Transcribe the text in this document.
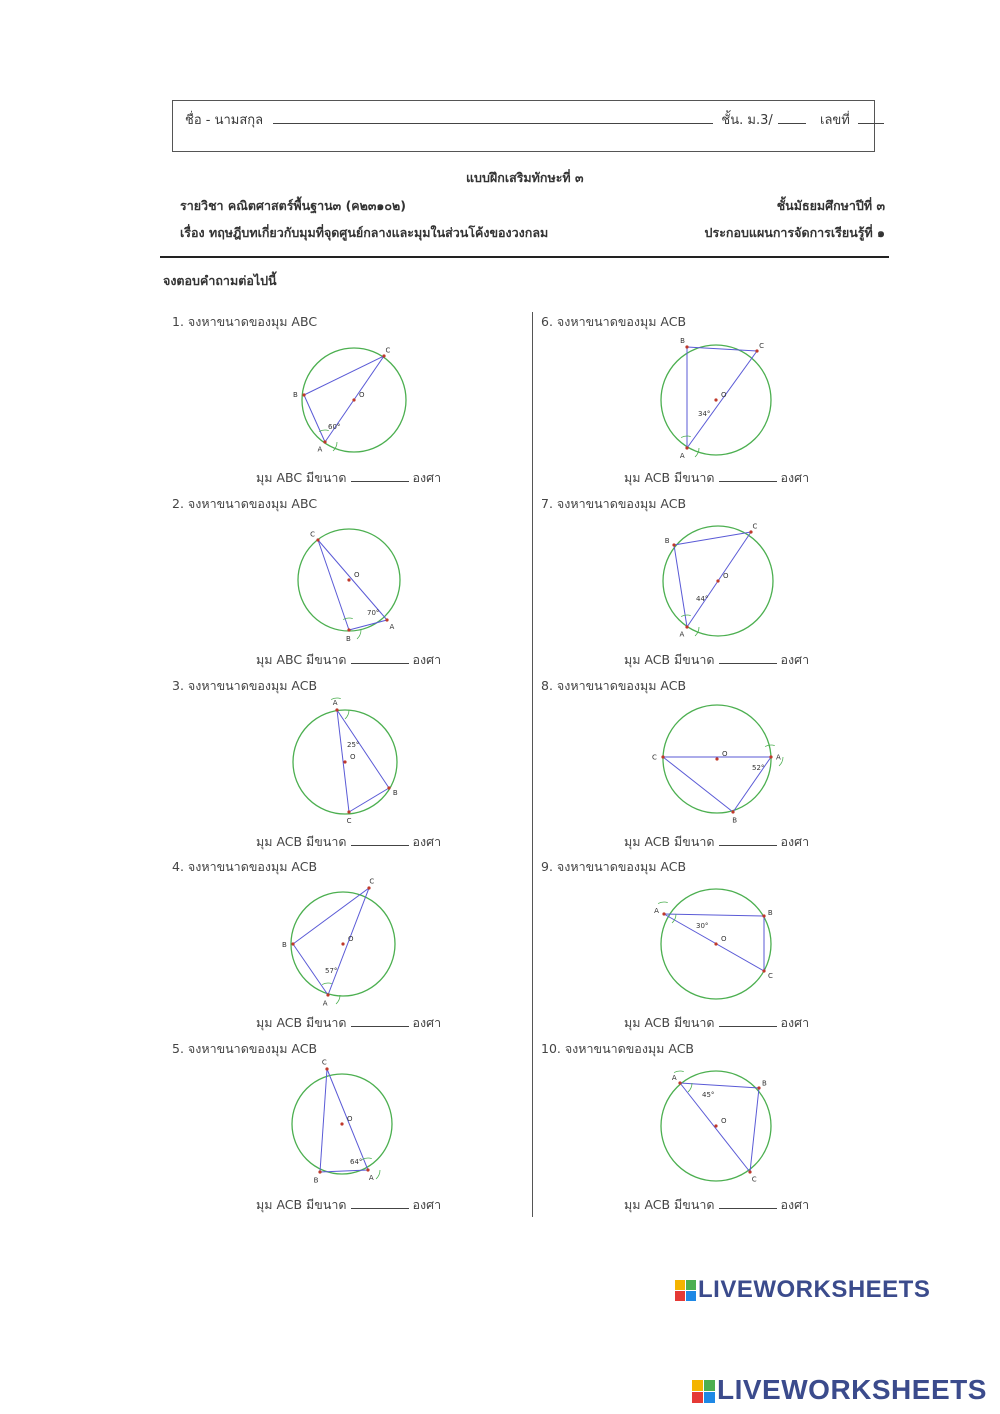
ชื่อ - นามสกุล	ชั้น. ม.3/	เลขที่
แบบฝึกเสริมทักษะที่ ๓
รายวิชา คณิตศาสตร์พื้นฐาน๓ (ค๒๓๑๐๒)	ชั้นมัธยมศึกษาปีที่ ๓
เรื่อง ทฤษฎีบทเกี่ยวกับมุมที่จุดศูนย์กลางและมุมในส่วนโค้งของวงกลม	ประกอบแผนการจัดการเรียนรู้ที่ ๑
จงตอบคำถามต่อไปนี้
1. จงหาขนาดของมุม ABC
มุม ABC มีขนาด	องศา
A
B
C
O
60°
2. จงหาขนาดของมุม ABC
มุม ABC มีขนาด	องศา
A
B
C
O
70°
3. จงหาขนาดของมุม ACB
มุม ACB มีขนาด	องศา
A
B
C
O
25°
4. จงหาขนาดของมุม ACB
มุม ACB มีขนาด	องศา
A
B
C
O
57°
5. จงหาขนาดของมุม ACB
มุม ACB มีขนาด	องศา
A
B
C
O
64°
6. จงหาขนาดของมุม ACB
มุม ACB มีขนาด	องศา
A
B
C
O
34°
7. จงหาขนาดของมุม ACB
มุม ACB มีขนาด	องศา
A
B
C
O
44°
8. จงหาขนาดของมุม ACB
มุม ACB มีขนาด	องศา
A
B
C	O
52°
9. จงหาขนาดของมุม ACB
มุม ACB มีขนาด	องศา
A	B
C
O
30°
10. จงหาขนาดของมุม ACB
มุม ACB มีขนาด	องศา
A
B
C
O
45°
LIVEWORKSHEETS
LIVEWORKSHEETS
